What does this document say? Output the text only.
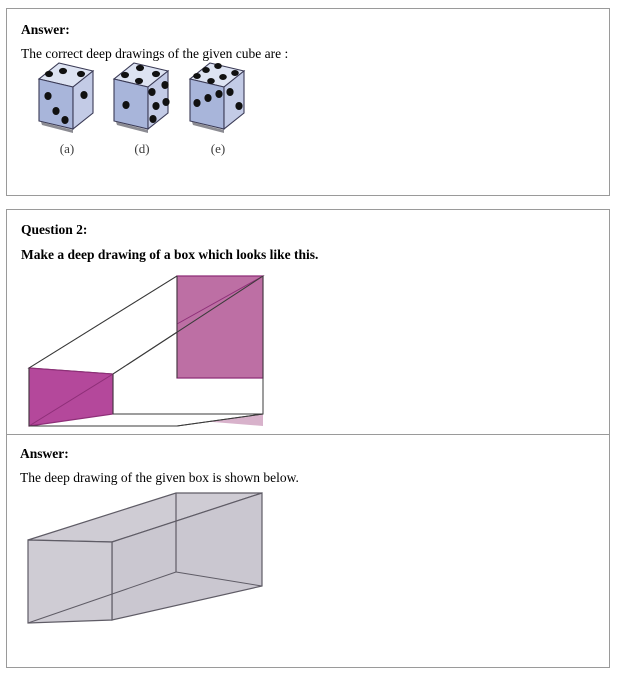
Answer:
The correct deep drawings of the given cube are :
(a)	(d)	(e)
Question 2:
Make a deep drawing of a box which looks like this.
Answer:
The deep drawing of the given box is shown below.
